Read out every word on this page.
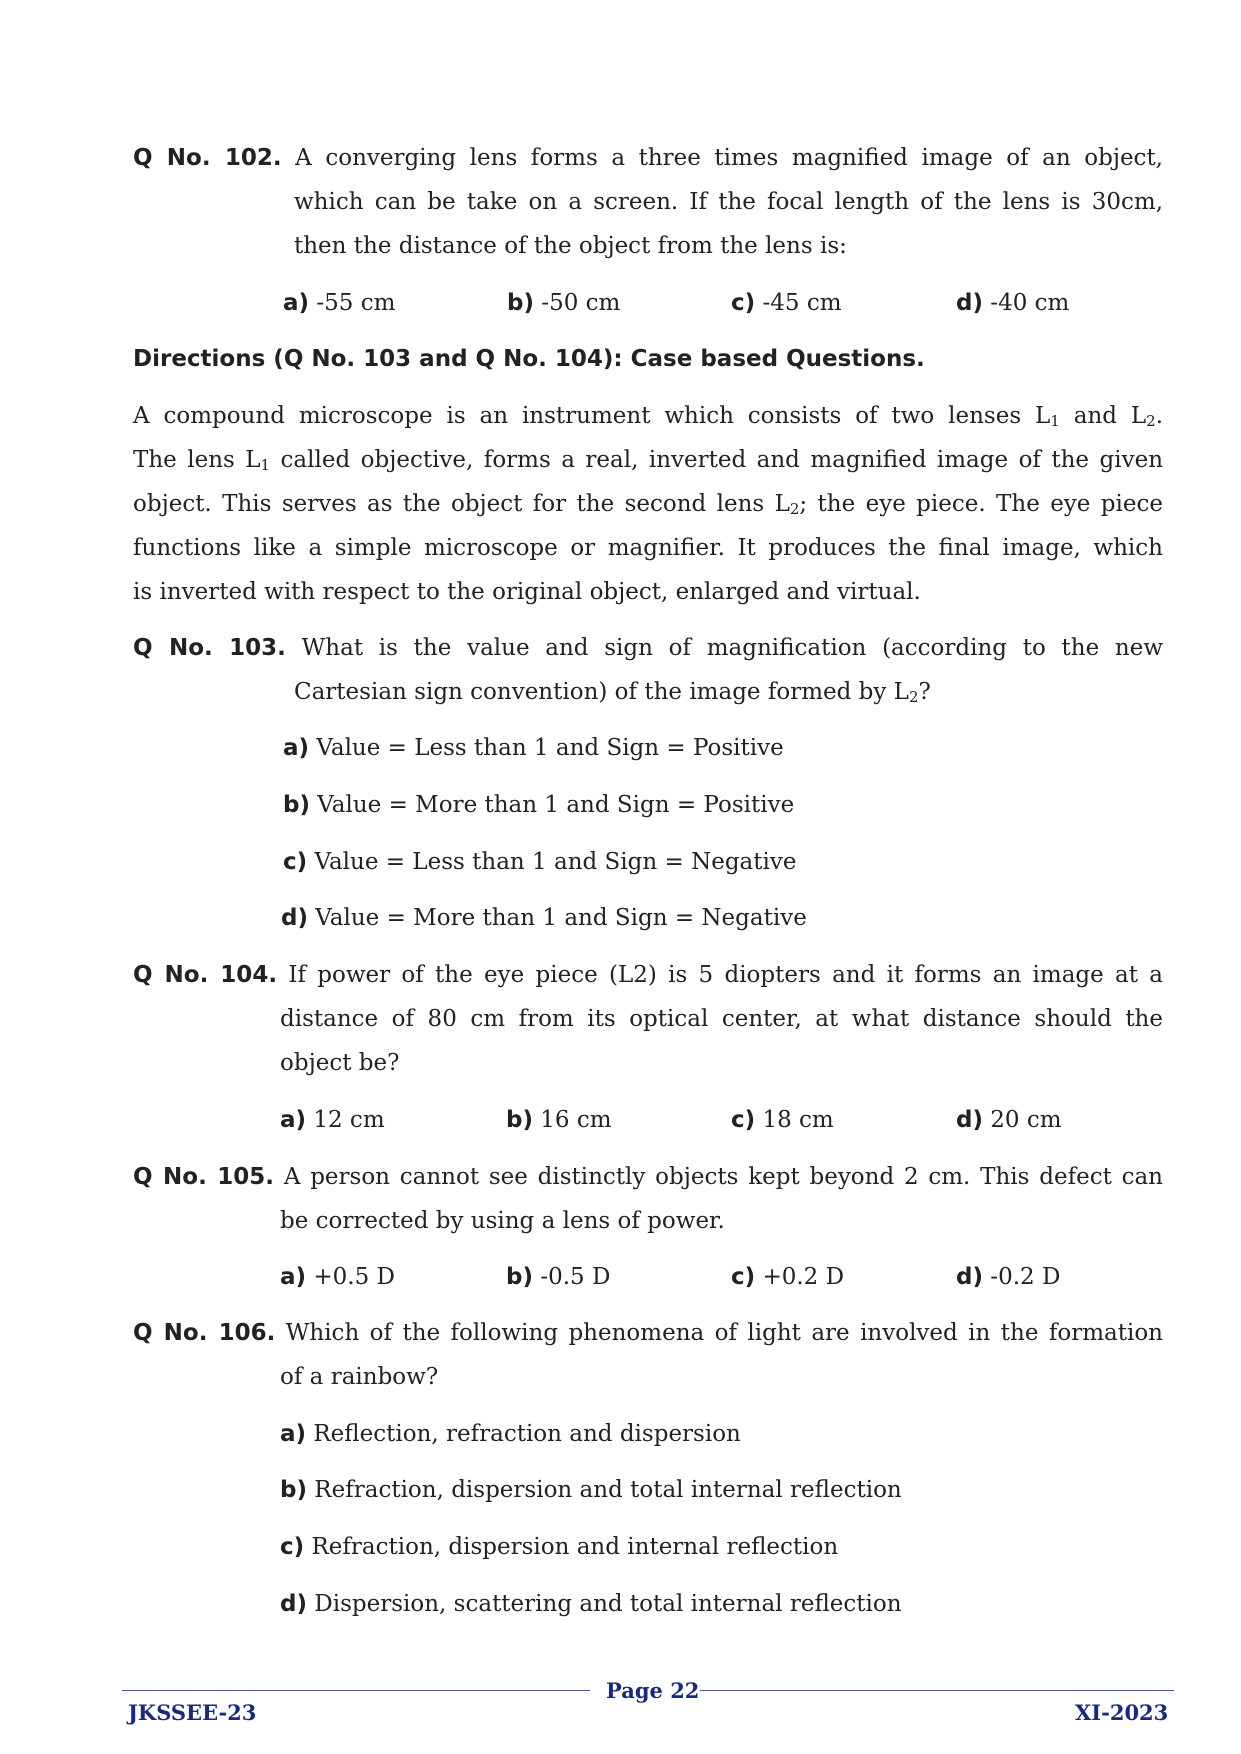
Q No. 102. A converging lens forms a three times magnified image of an object,
which can be take on a screen. If the focal length of the lens is 30cm,
then the distance of the object from the lens is:
a) -55 cm	b) -50 cm	c) -45 cm	d) -40 cm
Directions (Q No. 103 and Q No. 104): Case based Questions.
A compound microscope is an instrument which consists of two lenses $L_1$ and $L_2$.
The lens $L_1$ called objective, forms a real, inverted and magnified image of the given
object. This serves as the object for the second lens $L_2$; the eye piece. The eye piece
functions like a simple microscope or magnifier. It produces the final image, which
is inverted with respect to the original object, enlarged and virtual.
Q No. 103. What is the value and sign of magnification (according to the new
Cartesian sign convention) of the image formed by $L_2$?
a) Value = Less than 1 and Sign = Positive
b) Value = More than 1 and Sign = Positive
c) Value = Less than 1 and Sign = Negative
d) Value = More than 1 and Sign = Negative
Q No. 104. If power of the eye piece (L2) is 5 diopters and it forms an image at a
distance of 80 cm from its optical center, at what distance should the
object be?
a) 12 cm	b) 16 cm	c) 18 cm	d) 20 cm
Q No. 105. A person cannot see distinctly objects kept beyond 2 cm. This defect can
be corrected by using a lens of power.
a) +0.5 D	b) -0.5 D	c) +0.2 D	d) -0.2 D
Q No. 106. Which of the following phenomena of light are involved in the formation
of a rainbow?
a) Reflection, refraction and dispersion
b) Refraction, dispersion and total internal reflection
c) Refraction, dispersion and internal reflection
d) Dispersion, scattering and total internal reflection
JKSSEE-23
Page 22
XI-2023
